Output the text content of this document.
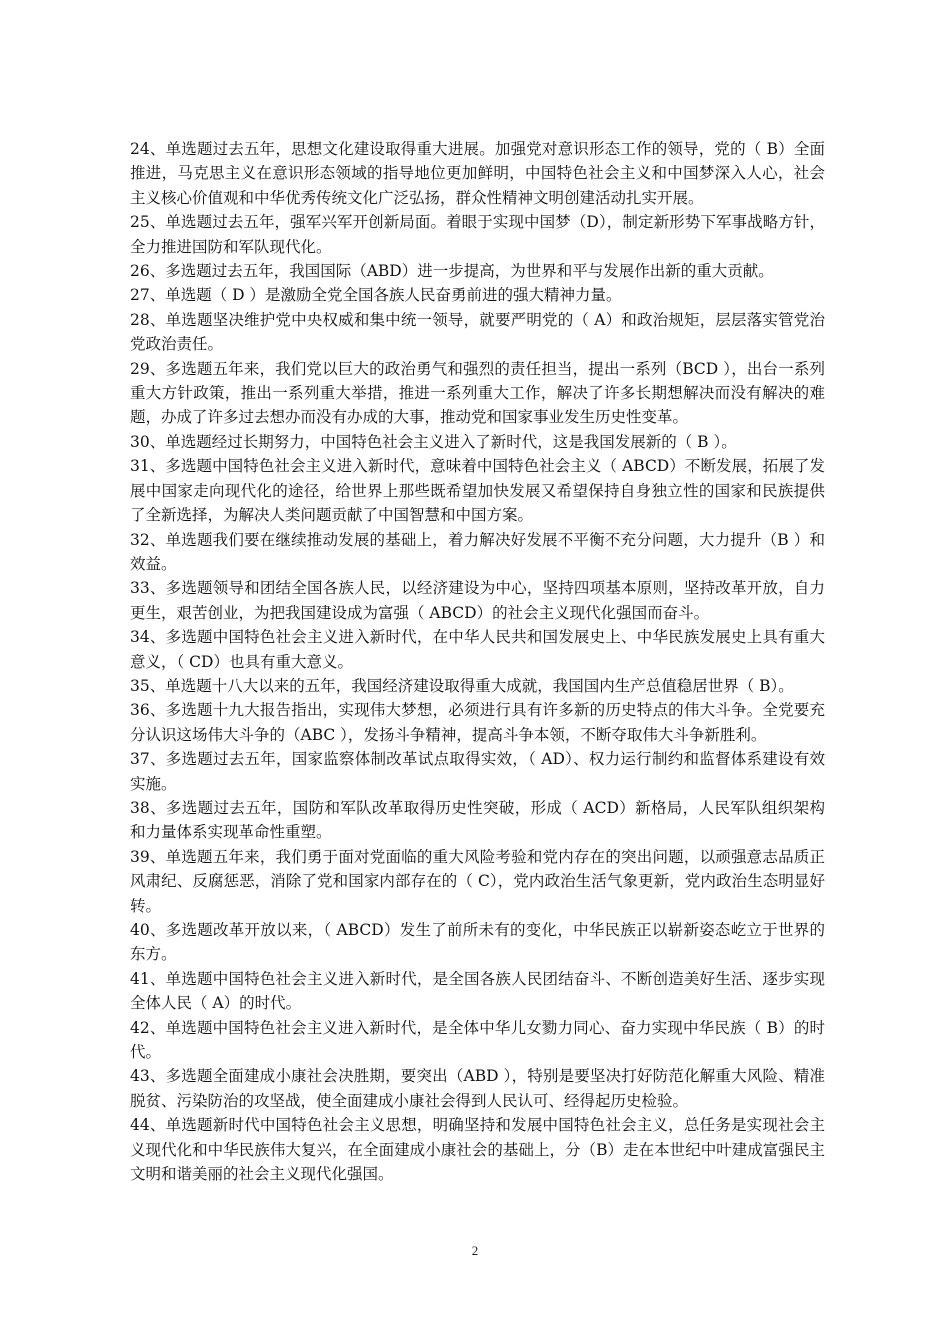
24、单选题过去五年，思想文化建设取得重大进展。加强党对意识形态工作的领导，党的（ B）全面推进，马克思主义在意识形态领域的指导地位更加鲜明，中国特色社会主义和中国梦深入人心，社会主义核心价值观和中华优秀传统文化广泛弘扬，群众性精神文明创建活动扎实开展。

25、单选题过去五年，强军兴军开创新局面。着眼于实现中国梦（D），制定新形势下军事战略方针，全力推进国防和军队现代化。

26、多选题过去五年，我国国际（ABD）进一步提高，为世界和平与发展作出新的重大贡献。

27、单选题（ D ）是激励全党全国各族人民奋勇前进的强大精神力量。

28、单选题坚决维护党中央权威和集中统一领导，就要严明党的（ A）和政治规矩，层层落实管党治党政治责任。

29、多选题五年来，我们党以巨大的政治勇气和强烈的责任担当，提出一系列（BCD ），出台一系列重大方针政策，推出一系列重大举措，推进一系列重大工作，解决了许多长期想解决而没有解决的难题，办成了许多过去想办而没有办成的大事，推动党和国家事业发生历史性变革。

30、单选题经过长期努力，中国特色社会主义进入了新时代，这是我国发展新的（ B ）。

31、多选题中国特色社会主义进入新时代，意味着中国特色社会主义（ ABCD）不断发展，拓展了发展中国家走向现代化的途径，给世界上那些既希望加快发展又希望保持自身独立性的国家和民族提供了全新选择，为解决人类问题贡献了中国智慧和中国方案。

32、单选题我们要在继续推动发展的基础上，着力解决好发展不平衡不充分问题，大力提升（B ）和效益。

33、多选题领导和团结全国各族人民，以经济建设为中心，坚持四项基本原则，坚持改革开放，自力更生，艰苦创业，为把我国建设成为富强（ ABCD）的社会主义现代化强国而奋斗。

34、多选题中国特色社会主义进入新时代，在中华人民共和国发展史上、中华民族发展史上具有重大意义，（ CD）也具有重大意义。

35、单选题十八大以来的五年，我国经济建设取得重大成就，我国国内生产总值稳居世界（ B）。

36、多选题十九大报告指出，实现伟大梦想，必须进行具有许多新的历史特点的伟大斗争。全党要充分认识这场伟大斗争的（ABC ），发扬斗争精神，提高斗争本领，不断夺取伟大斗争新胜利。

37、多选题过去五年，国家监察体制改革试点取得实效，（ AD）、权力运行制约和监督体系建设有效实施。

38、多选题过去五年，国防和军队改革取得历史性突破，形成（ ACD）新格局，人民军队组织架构和力量体系实现革命性重塑。

39、单选题五年来，我们勇于面对党面临的重大风险考验和党内存在的突出问题，以顽强意志品质正风肃纪、反腐惩恶，消除了党和国家内部存在的（ C），党内政治生活气象更新，党内政治生态明显好转。

40、多选题改革开放以来，（ ABCD）发生了前所未有的变化，中华民族正以崭新姿态屹立于世界的东方。

41、单选题中国特色社会主义进入新时代，是全国各族人民团结奋斗、不断创造美好生活、逐步实现全体人民（ A）的时代。

42、单选题中国特色社会主义进入新时代，是全体中华儿女勠力同心、奋力实现中华民族（ B）的时代。

43、多选题全面建成小康社会决胜期，要突出（ABD ），特别是要坚决打好防范化解重大风险、精准脱贫、污染防治的攻坚战，使全面建成小康社会得到人民认可、经得起历史检验。

44、单选题新时代中国特色社会主义思想，明确坚持和发展中国特色社会主义，总任务是实现社会主义现代化和中华民族伟大复兴，在全面建成小康社会的基础上，分（B）走在本世纪中叶建成富强民主文明和谐美丽的社会主义现代化强国。

2
